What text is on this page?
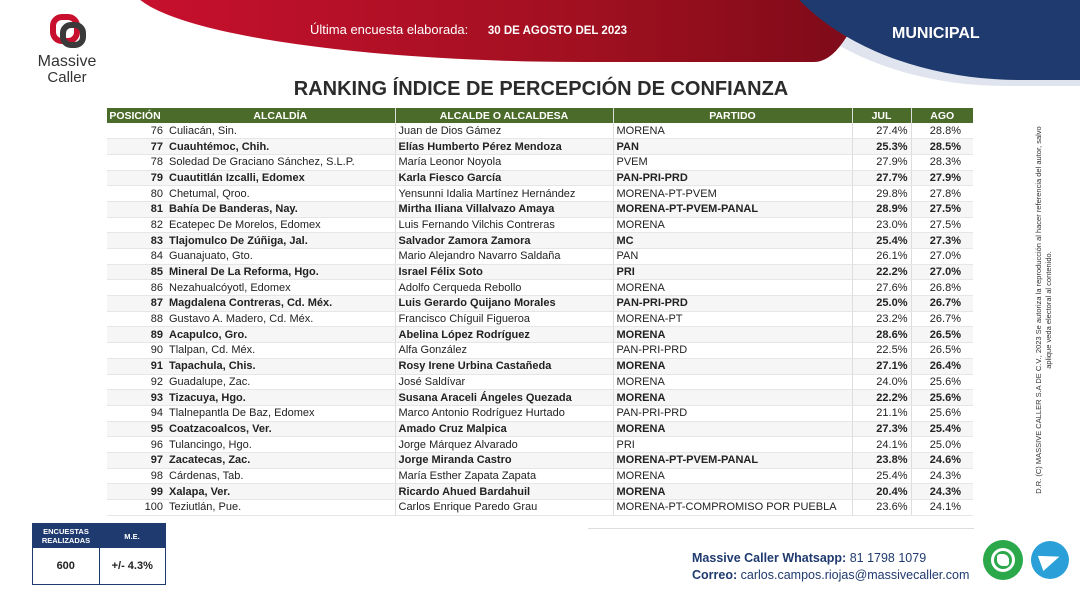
Massive
Caller
Última encuesta elaborada: 30 DE AGOSTO DEL 2023	MUNICIPAL
RANKING ÍNDICE DE PERCEPCIÓN DE CONFIANZA
POSICIÓN	ALCALDÍA	ALCALDE O ALCALDESA	PARTIDO	JUL	AGO
76	Culiacán, Sin.	Juan de Dios Gámez	MORENA	27.4%	28.8%
77	Cuauhtémoc, Chih.	Elías Humberto Pérez Mendoza	PAN	25.3%	28.5%
78	Soledad De Graciano Sánchez, S.L.P.	María Leonor Noyola	PVEM	27.9%	28.3%
79	Cuautitlán Izcalli, Edomex	Karla Fiesco García	PAN-PRI-PRD	27.7%	27.9%
80	Chetumal, Qroo.	Yensunni Idalia Martínez Hernández	MORENA-PT-PVEM	29.8%	27.8%
81	Bahía De Banderas, Nay.	Mirtha Iliana Villalvazo Amaya	MORENA-PT-PVEM-PANAL	28.9%	27.5%
82	Ecatepec De Morelos, Edomex	Luis Fernando Vilchis Contreras	MORENA	23.0%	27.5%
83	Tlajomulco De Zúñiga, Jal.	Salvador Zamora Zamora	MC	25.4%	27.3%
84	Guanajuato, Gto.	Mario Alejandro Navarro Saldaña	PAN	26.1%	27.0%
85	Mineral De La Reforma, Hgo.	Israel Félix Soto	PRI	22.2%	27.0%
86	Nezahualcóyotl, Edomex	Adolfo Cerqueda Rebollo	MORENA	27.6%	26.8%
87	Magdalena Contreras, Cd. Méx.	Luis Gerardo Quijano Morales	PAN-PRI-PRD	25.0%	26.7%
88	Gustavo A. Madero, Cd. Méx.	Francisco Chíguil Figueroa	MORENA-PT	23.2%	26.7%
89	Acapulco, Gro.	Abelina López Rodríguez	MORENA	28.6%	26.5%
90	Tlalpan, Cd. Méx.	Alfa González	PAN-PRI-PRD	22.5%	26.5%
91	Tapachula, Chis.	Rosy Irene Urbina Castañeda	MORENA	27.1%	26.4%
92	Guadalupe, Zac.	José Saldívar	MORENA	24.0%	25.6%
93	Tizacuya, Hgo.	Susana Araceli Ángeles Quezada	MORENA	22.2%	25.6%
94	Tlalnepantla De Baz, Edomex	Marco Antonio Rodríguez Hurtado	PAN-PRI-PRD	21.1%	25.6%
95	Coatzacoalcos, Ver.	Amado Cruz Malpica	MORENA	27.3%	25.4%
96	Tulancingo, Hgo.	Jorge Márquez Alvarado	PRI	24.1%	25.0%
97	Zacatecas, Zac.	Jorge Miranda Castro	MORENA-PT-PVEM-PANAL	23.8%	24.6%
98	Cárdenas, Tab.	María Esther Zapata Zapata	MORENA	25.4%	24.3%
99	Xalapa, Ver.	Ricardo Ahued Bardahuil	MORENA	20.4%	24.3%
100	Teziutlán, Pue.	Carlos Enrique Paredo Grau	MORENA-PT-COMPROMISO POR PUEBLA	23.6%	24.1%
ENCUESTAS REALIZADAS	M.E.
600	+/- 4.3%
Massive Caller Whatsapp: 81 1798 1079
Correo: carlos.campos.riojas@massivecaller.com
D.R. (C) MASSIVE CALLER S.A DE C.V., 2023 Se autoriza la reproducción al hacer referencia del autor, salvo aplique veda electoral al contenido.
